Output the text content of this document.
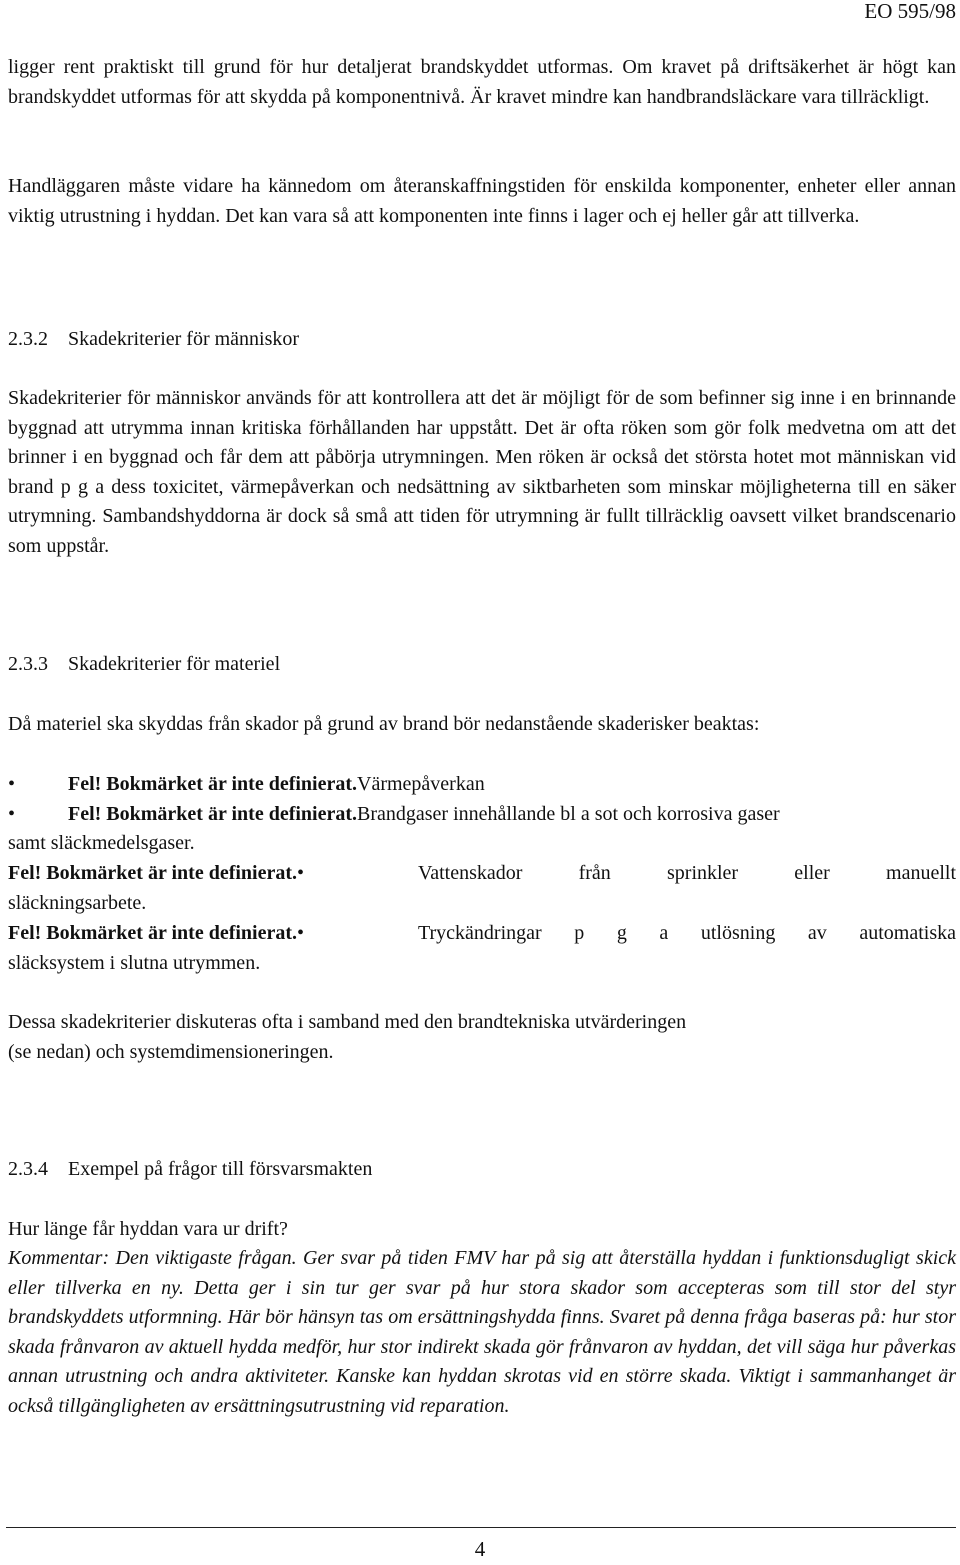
EO 595/98

ligger rent praktiskt till grund för hur detaljerat brandskyddet utformas. Om kravet på driftsäkerhet är högt kan brandskyddet utformas för att skydda på komponentnivå. Är kravet mindre kan handbrandsläckare vara tillräckligt.

Handläggaren måste vidare ha kännedom om återanskaffningstiden för enskilda komponenter, enheter eller annan viktig utrustning i hyddan. Det kan vara så att komponenten inte finns i lager och ej heller går att tillverka.

2.3.2 Skadekriterier för människor

Skadekriterier för människor används för att kontrollera att det är möjligt för de som befinner sig inne i en brinnande byggnad att utrymma innan kritiska förhållanden har uppstått. Det är ofta röken som gör folk medvetna om att det brinner i en byggnad och får dem att påbörja utrymningen. Men röken är också det största hotet mot människan vid brand p g a dess toxicitet, värmepåverkan och nedsättning av siktbarheten som minskar möjligheterna till en säker utrymning. Sambandshyddorna är dock så små att tiden för utrymning är fullt tillräcklig oavsett vilket brandscenario som uppstår.

2.3.3 Skadekriterier för materiel

Då materiel ska skyddas från skador på grund av brand bör nedanstående skaderisker beaktas:

•	Fel! Bokmärket är inte definierat.Värmepåverkan

•	Fel! Bokmärket är inte definierat.Brandgaser innehållande bl a sot och korrosiva gaser

samt släckmedelsgaser.

Fel! Bokmärket är inte definierat.•	Vattenskador från sprinkler eller manuellt

släckningsarbete.

Fel! Bokmärket är inte definierat.•	Tryckändringar p g a utlösning av automatiska

släcksystem i slutna utrymmen.

Dessa skadekriterier diskuteras ofta i samband med den brandtekniska utvärderingen

(se nedan) och systemdimensioneringen.

2.3.4 Exempel på frågor till försvarsmakten

Hur länge får hyddan vara ur drift?

Kommentar: Den viktigaste frågan. Ger svar på tiden FMV har på sig att återställa hyddan i funktionsdugligt skick eller tillverka en ny. Detta ger i sin tur ger svar på hur stora skador som accepteras som till stor del styr brandskyddets utformning. Här bör hänsyn tas om ersättningshydda finns. Svaret på denna fråga baseras på: hur stor skada frånvaron av aktuell hydda medför, hur stor indirekt skada gör frånvaron av hyddan, det vill säga hur påverkas annan utrustning och andra aktiviteter. Kanske kan hyddan skrotas vid en större skada. Viktigt i sammanhanget är också tillgängligheten av ersättningsutrustning vid reparation.

4
